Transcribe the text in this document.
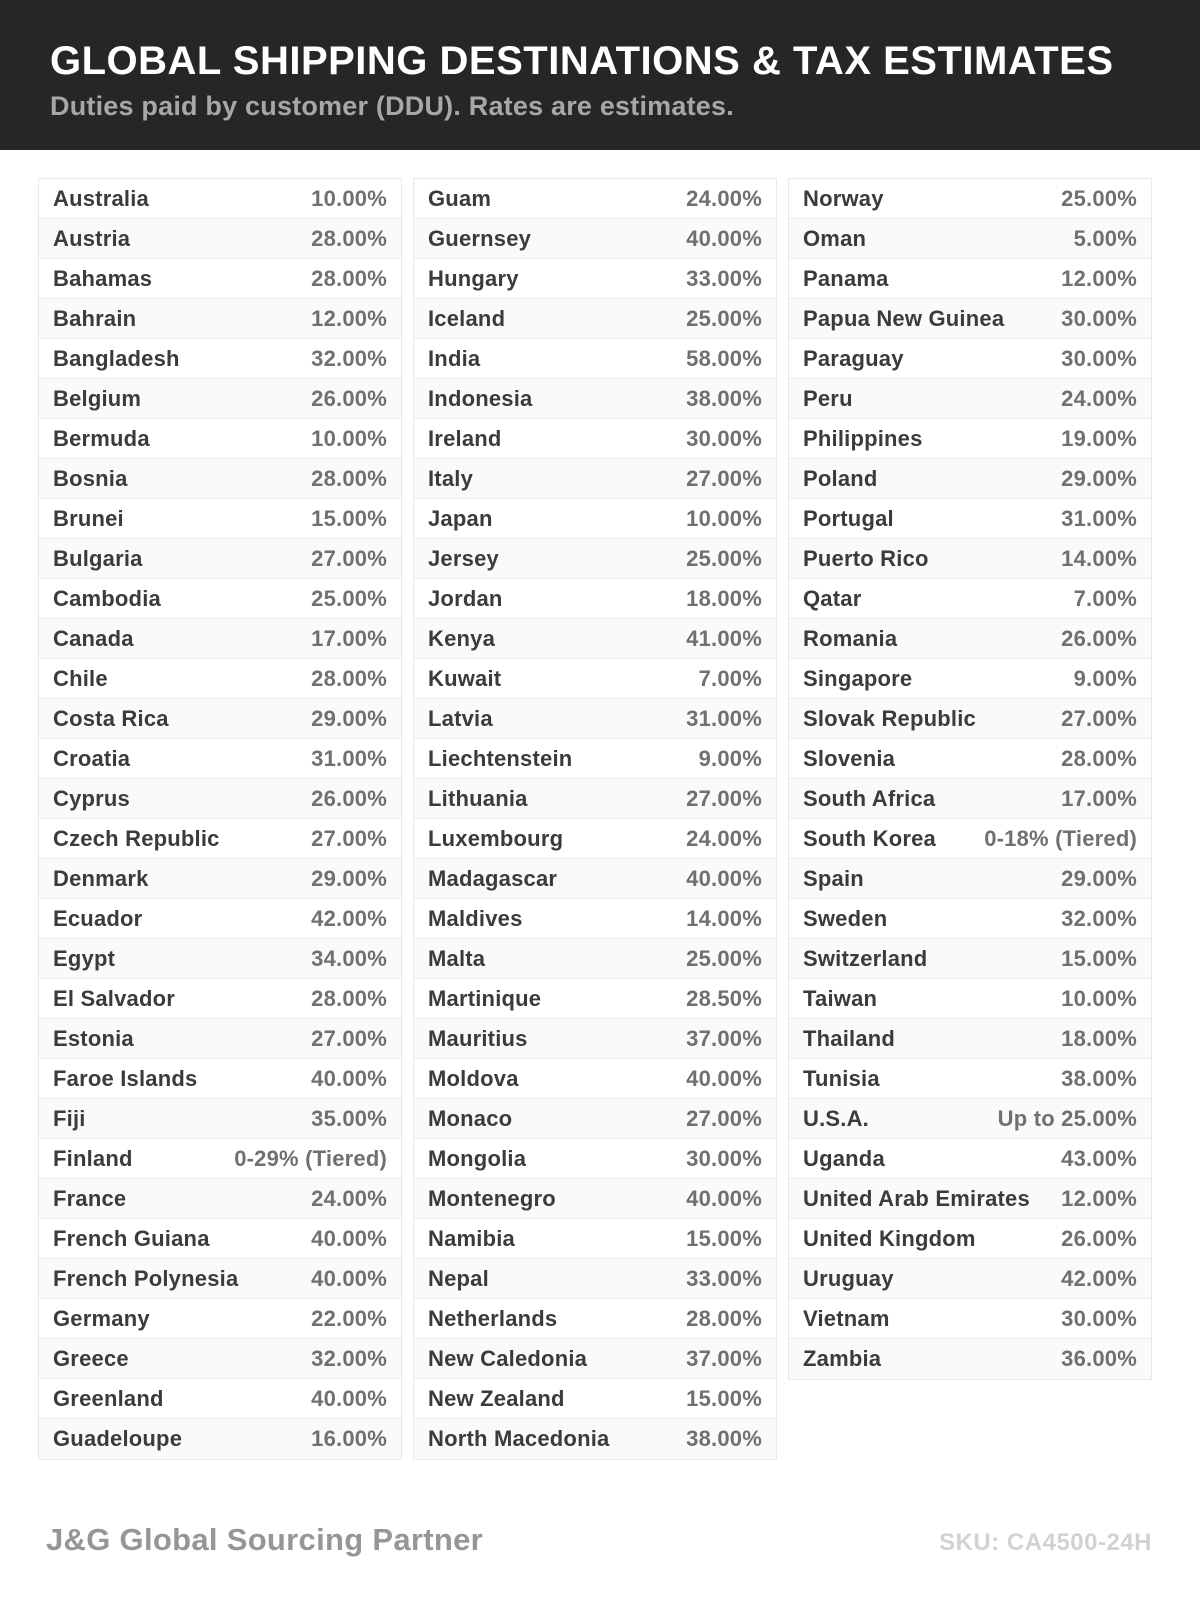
GLOBAL SHIPPING DESTINATIONS & TAX ESTIMATES

Duties paid by customer (DDU). Rates are estimates.

Australia	10.00%
Austria	28.00%
Bahamas	28.00%
Bahrain	12.00%
Bangladesh	32.00%
Belgium	26.00%
Bermuda	10.00%
Bosnia	28.00%
Brunei	15.00%
Bulgaria	27.00%
Cambodia	25.00%
Canada	17.00%
Chile	28.00%
Costa Rica	29.00%
Croatia	31.00%
Cyprus	26.00%
Czech Republic	27.00%
Denmark	29.00%
Ecuador	42.00%
Egypt	34.00%
El Salvador	28.00%
Estonia	27.00%
Faroe Islands	40.00%
Fiji	35.00%
Finland	0-29% (Tiered)
France	24.00%
French Guiana	40.00%
French Polynesia	40.00%
Germany	22.00%
Greece	32.00%
Greenland	40.00%
Guadeloupe	16.00%
Guam	24.00%
Guernsey	40.00%
Hungary	33.00%
Iceland	25.00%
India	58.00%
Indonesia	38.00%
Ireland	30.00%
Italy	27.00%
Japan	10.00%
Jersey	25.00%
Jordan	18.00%
Kenya	41.00%
Kuwait	7.00%
Latvia	31.00%
Liechtenstein	9.00%
Lithuania	27.00%
Luxembourg	24.00%
Madagascar	40.00%
Maldives	14.00%
Malta	25.00%
Martinique	28.50%
Mauritius	37.00%
Moldova	40.00%
Monaco	27.00%
Mongolia	30.00%
Montenegro	40.00%
Namibia	15.00%
Nepal	33.00%
Netherlands	28.00%
New Caledonia	37.00%
New Zealand	15.00%
North Macedonia	38.00%
Norway	25.00%
Oman	5.00%
Panama	12.00%
Papua New Guinea	30.00%
Paraguay	30.00%
Peru	24.00%
Philippines	19.00%
Poland	29.00%
Portugal	31.00%
Puerto Rico	14.00%
Qatar	7.00%
Romania	26.00%
Singapore	9.00%
Slovak Republic	27.00%
Slovenia	28.00%
South Africa	17.00%
South Korea 0-18% (Tiered)
Spain	29.00%
Sweden	32.00%
Switzerland	15.00%
Taiwan	10.00%
Thailand	18.00%
Tunisia	38.00%
U.S.A.	Up to 25.00%
Uganda	43.00%
United Arab Emirates 12.00%
United Kingdom	26.00%
Uruguay	42.00%
Vietnam	30.00%
Zambia	36.00%
J&G Global Sourcing Partner	SKU: CA4500-24H
